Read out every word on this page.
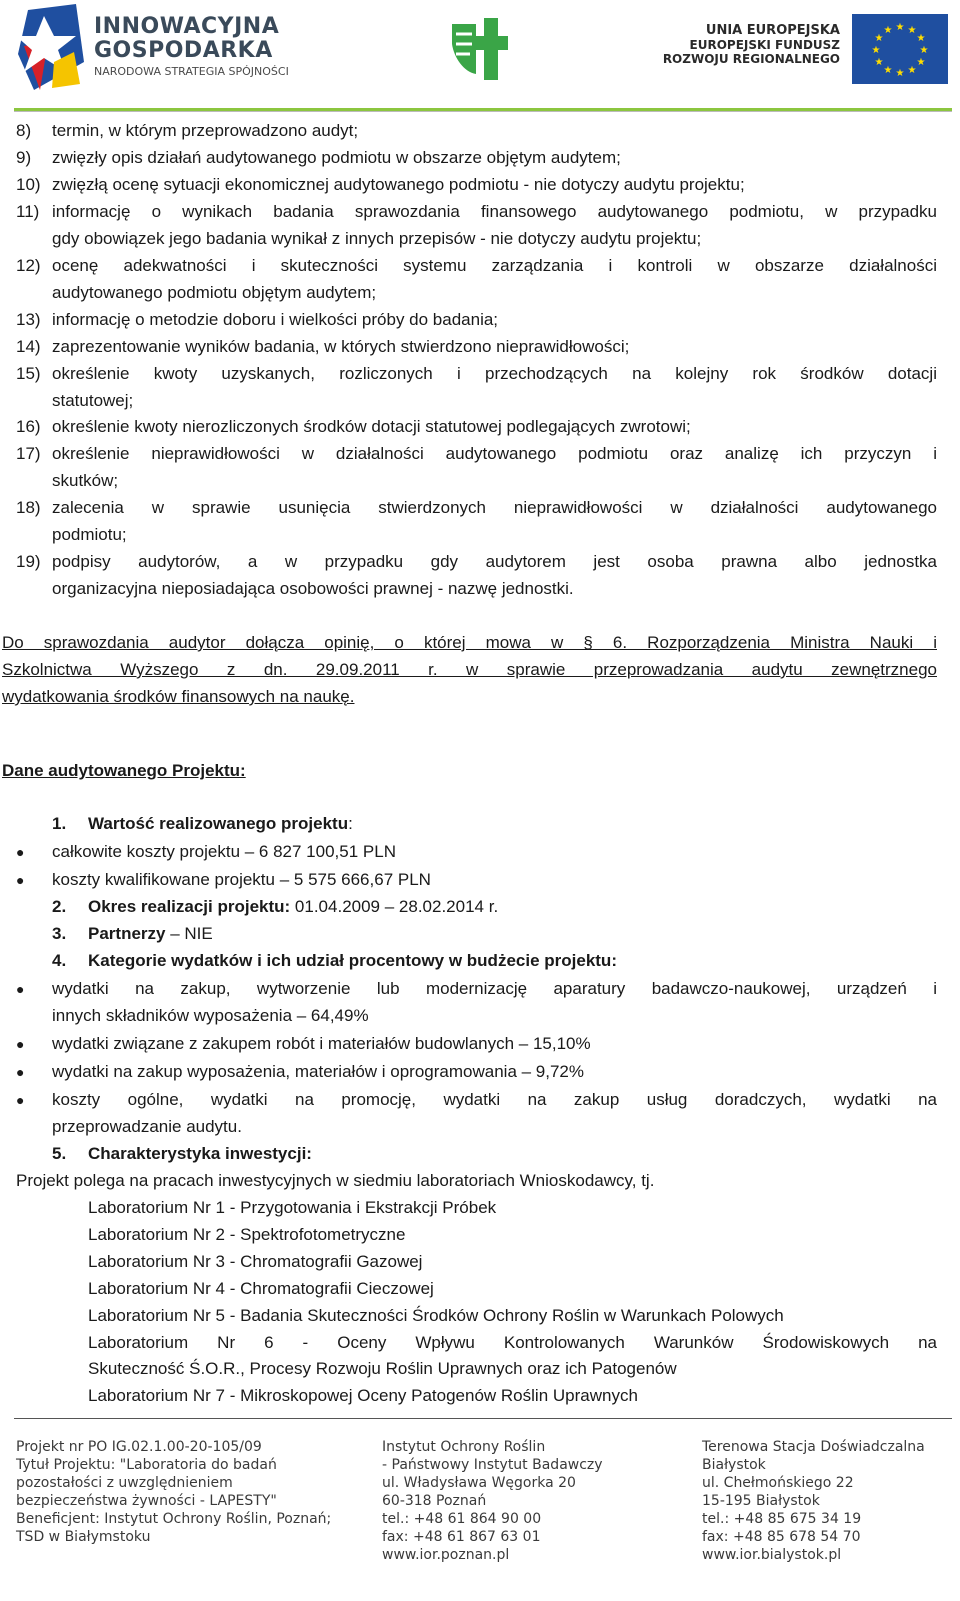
INNOWACYJNA
GOSPODARKA
NARODOWA STRATEGIA SPÓJNOŚCI
UNIA EUROPEJSKA
EUROPEJSKI FUNDUSZ
ROZWOJU REGIONALNEGO
★ ★
★
★
★
★
★
★
★
★
★
★
8) termin, w którym przeprowadzono audyt;
9) zwięzły opis działań audytowanego podmiotu w obszarze objętym audytem;
10) zwięzłą ocenę sytuacji ekonomicznej audytowanego podmiotu - nie dotyczy audytu projektu;
11) informację o wynikach badania sprawozdania finansowego audytowanego podmiotu, w przypadku
gdy obowiązek jego badania wynikał z innych przepisów - nie dotyczy audytu projektu;
12) ocenę adekwatności i skuteczności systemu zarządzania i kontroli w obszarze działalności
audytowanego podmiotu objętym audytem;
13) informację o metodzie doboru i wielkości próby do badania;
14) zaprezentowanie wyników badania, w których stwierdzono nieprawidłowości;
15) określenie kwoty uzyskanych, rozliczonych i przechodzących na kolejny rok środków dotacji
statutowej;
16) określenie kwoty nierozliczonych środków dotacji statutowej podlegających zwrotowi;
17) określenie nieprawidłowości w działalności audytowanego podmiotu oraz analizę ich przyczyn i
skutków;
18) zalecenia w sprawie usunięcia stwierdzonych nieprawidłowości w działalności audytowanego
podmiotu;
19) podpisy audytorów, a w przypadku gdy audytorem jest osoba prawna albo jednostka
organizacyjna nieposiadająca osobowości prawnej - nazwę jednostki.
Do sprawozdania audytor dołącza opinię, o której mowa w § 6. Rozporządzenia Ministra Nauki i
Szkolnictwa Wyższego z dn. 29.09.2011 r. w sprawie przeprowadzania audytu zewnętrznego
wydatkowania środków finansowych na naukę.
Dane audytowanego Projektu:
1. Wartość realizowanego projektu:
● całkowite koszty projektu – 6 827 100,51 PLN
● koszty kwalifikowane projektu – 5 575 666,67 PLN
2. Okres realizacji projektu: 01.04.2009 – 28.02.2014 r.
3. Partnerzy – NIE
4. Kategorie wydatków i ich udział procentowy w budżecie projektu:
● wydatki na zakup, wytworzenie lub modernizację aparatury badawczo-naukowej, urządzeń i
innych składników wyposażenia – 64,49%
● wydatki związane z zakupem robót i materiałów budowlanych – 15,10%
● wydatki na zakup wyposażenia, materiałów i oprogramowania – 9,72%
● koszty ogólne, wydatki na promocję, wydatki na zakup usług doradczych, wydatki na
przeprowadzanie audytu.
5. Charakterystyka inwestycji:
Projekt polega na pracach inwestycyjnych w siedmiu laboratoriach Wnioskodawcy, tj.
Laboratorium Nr 1 - Przygotowania i Ekstrakcji Próbek
Laboratorium Nr 2 - Spektrofotometryczne
Laboratorium Nr 3 - Chromatografii Gazowej
Laboratorium Nr 4 - Chromatografii Cieczowej
Laboratorium Nr 5 - Badania Skuteczności Środków Ochrony Roślin w Warunkach Polowych
Laboratorium Nr 6 - Oceny Wpływu Kontrolowanych Warunków Środowiskowych na
Skuteczność Ś.O.R., Procesy Rozwoju Roślin Uprawnych oraz ich Patogenów
Laboratorium Nr 7 - Mikroskopowej Oceny Patogenów Roślin Uprawnych
Projekt nr PO IG.02.1.00-20-105/09
Tytuł Projektu: "Laboratoria do badań
pozostałości z uwzględnieniem
bezpieczeństwa żywności - LAPESTY"
Beneficjent: Instytut Ochrony Roślin, Poznań;
TSD w Białymstoku
Instytut Ochrony Roślin
- Państwowy Instytut Badawczy
ul. Władysława Węgorka 20
60-318 Poznań
tel.: +48 61 864 90 00
fax: +48 61 867 63 01
www.ior.poznan.pl
Terenowa Stacja Doświadczalna
Białystok
ul. Chełmońskiego 22
15-195 Białystok
tel.: +48 85 675 34 19
fax: +48 85 678 54 70
www.ior.bialystok.pl
